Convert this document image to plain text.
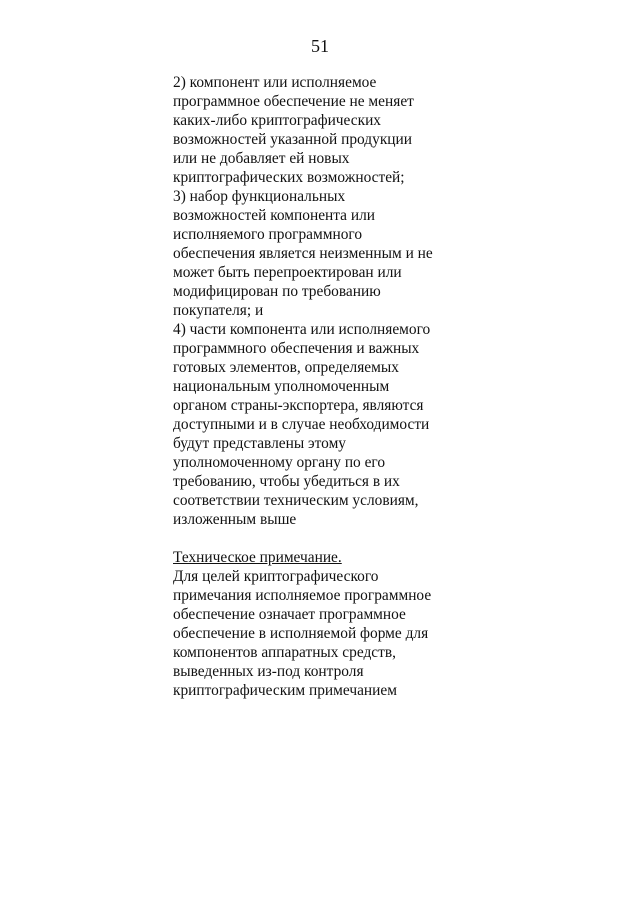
51
2) компонент или исполняемое
программное обеспечение не меняет
каких-либо криптографических
возможностей указанной продукции
или не добавляет ей новых
криптографических возможностей;
3) набор функциональных
возможностей компонента или
исполняемого программного
обеспечения является неизменным и не
может быть перепроектирован или
модифицирован по требованию
покупателя; и
4) части компонента или исполняемого
программного обеспечения и важных
готовых элементов, определяемых
национальным уполномоченным
органом страны-экспортера, являются
доступными и в случае необходимости
будут представлены этому
уполномоченному органу по его
требованию, чтобы убедиться в их
соответствии техническим условиям,
изложенным выше
Техническое примечание.
Для целей криптографического
примечания исполняемое программное
обеспечение означает программное
обеспечение в исполняемой форме для
компонентов аппаратных средств,
выведенных из-под контроля
криптографическим примечанием
